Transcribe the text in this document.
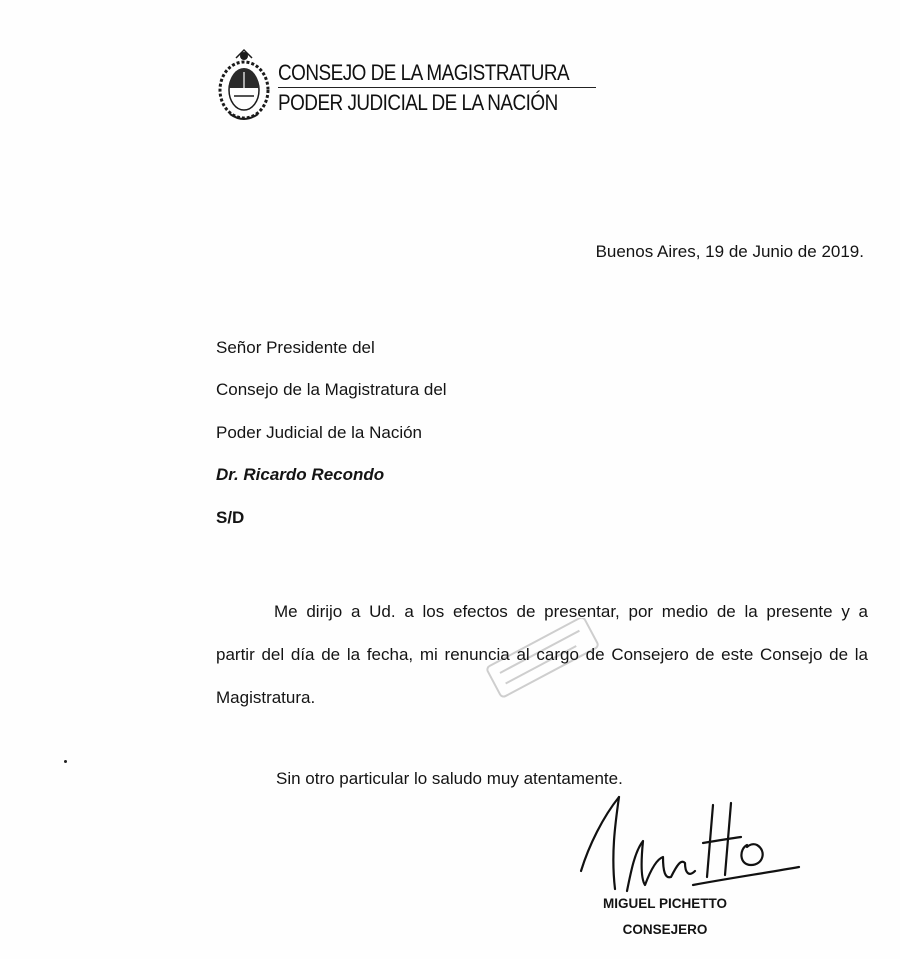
CONSEJO DE LA MAGISTRATURA
PODER JUDICIAL DE LA NACIÓN
Buenos Aires, 19 de Junio de 2019.
Señor Presidente del
Consejo de la Magistratura del
Poder Judicial de la Nación
Dr. Ricardo Recondo
S/D
Me dirijo a Ud. a los efectos de presentar, por medio de la presente y a partir del día de la fecha, mi renuncia al cargo de Consejero de este Consejo de la Magistratura.
Sin otro particular lo saludo muy atentamente.
MIGUEL PICHETTO
CONSEJERO
